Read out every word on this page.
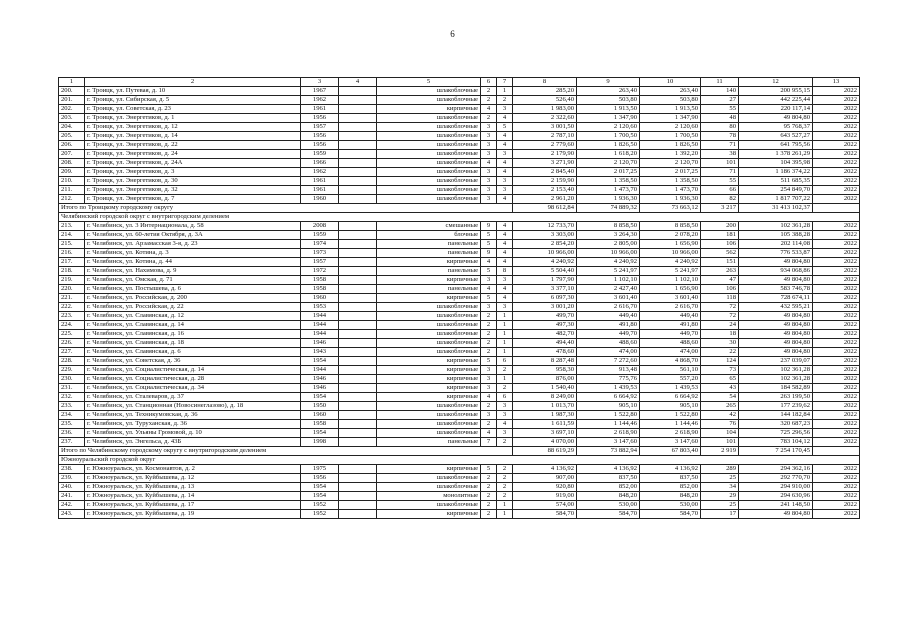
6
1	2	3	4	5	6	7	8	9	10	11	12	13
200.	г. Троицк, ул. Путевая, д. 10	1967		шлакоблочные	2	1	285,20	263,40	263,40	140	200 955,15	2022
201.	г. Троицк, ул. Сибирская, д. 5	1962		шлакоблочные	2	2	526,40	503,80	503,80	27	442 225,44	2022
202.	г. Троицк, ул. Советская, д. 23	1961		кирпичные	4	3	1 983,00	1 913,50	1 913,50	55	220 117,14	2022
203.	г. Троицк, ул. Энергетиков, д. 1	1956		шлакоблочные	2	4	2 322,60	1 347,90	1 347,90	48	49 804,80	2022
204.	г. Троицк, ул. Энергетиков, д. 12	1957		шлакоблочные	3	5	3 001,50	2 120,60	2 120,60	80	95 768,37	2022
205.	г. Троицк, ул. Энергетиков, д. 14	1956		шлакоблочные	3	4	2 787,10	1 700,50	1 700,50	78	643 527,27	2022
206.	г. Троицк, ул. Энергетиков, д. 22	1956		шлакоблочные	3	4	2 779,60	1 826,50	1 826,50	71	641 795,56	2022
207.	г. Троицк, ул. Энергетиков, д. 24	1959		шлакоблочные	3	3	2 179,90	1 618,20	1 392,20	38	1 378 261,29	2022
208.	г. Троицк, ул. Энергетиков, д. 24А	1966		шлакоблочные	4	4	3 271,90	2 120,70	2 120,70	101	104 395,98	2022
209.	г. Троицк, ул. Энергетиков, д. 3	1962		шлакоблочные	3	4	2 845,40	2 017,25	2 017,25	71	1 186 374,22	2022
210.	г. Троицк, ул. Энергетиков, д. 30	1961		шлакоблочные	3	3	2 159,90	1 358,50	1 358,50	55	511 685,35	2022
211.	г. Троицк, ул. Энергетиков, д. 32	1961		шлакоблочные	3	3	2 153,40	1 473,70	1 473,70	66	254 849,70	2022
212.	г. Троицк, ул. Энергетиков, д. 7	1960		шлакоблочные	3	4	2 961,20	1 936,30	1 936,30	82	1 817 707,22	2022
Итого по Троицкому городскому округу							98 612,84	74 889,32	73 663,12	3 217	31 413 102,37	
Челябинский городской округ с внутригородским делением												
213.	г. Челябинск, ул. 3 Интернационала, д. 58	2008		смешанные	9	4	12 733,70	8 858,50	8 858,50	200	102 361,28	2022
214.	г. Челябинск, ул. 60-летия Октября, д. 3А	1959		блочные	5	4	3 303,00	3 264,30	2 078,20	181	105 388,28	2022
215.	г. Челябинск, ул. Арзамасская 3-я, д. 23	1974		панельные	5	4	2 854,20	2 805,00	1 656,90	106	202 114,08	2022
216.	г. Челябинск, ул. Котина, д. 3	1973		панельные	9	4	10 966,00	10 966,00	10 966,00	562	776 533,87	2022
217.	г. Челябинск, ул. Котина, д. 44	1957		кирпичные	4	4	4 240,92	4 240,92	4 240,92	151	49 804,80	2022
218.	г. Челябинск, ул. Нахимова, д. 9	1972		панельные	5	8	5 504,40	5 241,97	5 241,97	263	934 068,86	2022
219.	г. Челябинск, ул. Омская, д. 71	1958		кирпичные	3	3	1 797,90	1 102,10	1 102,10	47	49 804,80	2022
220.	г. Челябинск, ул. Постышева, д. 6	1958		панельные	4	4	3 377,10	2 427,40	1 656,90	106	583 746,78	2022
221.	г. Челябинск, ул. Российская, д. 200	1960		кирпичные	5	4	6 097,30	3 601,40	3 601,40	118	728 674,11	2022
222.	г. Челябинск, ул. Российская, д. 22	1953		шлакоблочные	3	3	3 001,20	2 616,70	2 616,70	72	432 595,21	2022
223.	г. Челябинск, ул. Славянская, д. 12	1944		шлакоблочные	2	1	499,70	449,40	449,40	72	49 804,80	2022
224.	г. Челябинск, ул. Славянская, д. 14	1944		шлакоблочные	2	1	497,30	491,80	491,80	24	49 804,80	2022
225.	г. Челябинск, ул. Славянская, д. 16	1944		шлакоблочные	2	1	482,70	449,70	449,70	18	49 804,80	2022
226.	г. Челябинск, ул. Славянская, д. 18	1946		шлакоблочные	2	1	494,40	488,60	488,60	30	49 804,80	2022
227.	г. Челябинск, ул. Славянская, д. 6	1943		шлакоблочные	2	1	478,60	474,00	474,00	22	49 804,80	2022
228.	г. Челябинск, ул. Советская, д. 36	1954		кирпичные	5	6	8 287,48	7 272,60	4 868,70	124	237 039,07	2022
229.	г. Челябинск, ул. Социалистическая, д. 14	1944		кирпичные	3	2	958,30	913,48	561,10	73	102 361,28	2022
230.	г. Челябинск, ул. Социалистическая, д. 28	1946		кирпичные	3	1	876,00	775,76	557,20	65	102 361,28	2022
231.	г. Челябинск, ул. Социалистическая, д. 34	1946		кирпичные	3	2	1 540,40	1 439,53	1 439,53	43	184 582,89	2022
232.	г. Челябинск, ул. Сталеваров, д. 37	1954		кирпичные	4	6	8 249,00	6 664,92	6 664,92	54	263 199,50	2022
233.	г. Челябинск, ул. Станционная (Новосинеглазово), д. 18	1950		шлакоблочные	2	3	1 013,70	905,10	905,10	265	177 239,62	2022
234.	г. Челябинск, ул. Техникумовская, д. 36	1960		шлакоблочные	3	3	1 987,30	1 522,80	1 522,80	42	144 182,84	2022
235.	г. Челябинск, ул. Туруханская, д. 36	1958		шлакоблочные	2	4	1 611,59	1 144,46	1 144,46	76	320 687,23	2022
236.	г. Челябинск, ул. Ульяны Громовой, д. 10	1954		шлакоблочные	4	3	3 697,10	2 618,90	2 618,90	104	725 296,56	2022
237.	г. Челябинск, ул. Энгельса, д. 43Б	1998		панельные	7	2	4 070,00	3 147,60	3 147,60	101	783 104,12	2022
Итого по Челябинскому городскому округу с внутригородским делением							88 619,29	73 882,94	67 803,40	2 919	7 254 170,45	
Южноуральский городской округ												
238.	г. Южноуральск, ул. Космонавтов, д. 2	1975		кирпичные	5	2	4 136,92	4 136,92	4 136,92	289	294 362,16	2022
239.	г. Южноуральск, ул. Куйбышева, д. 12	1956		шлакоблочные	2	2	907,00	837,50	837,50	25	292 770,70	2022
240.	г. Южноуральск, ул. Куйбышева, д. 13	1954		шлакоблочные	2	2	920,80	852,00	852,00	34	294 910,00	2022
241.	г. Южноуральск, ул. Куйбышева, д. 14	1954		монолитные	2	2	919,00	848,20	848,20	29	294 630,96	2022
242.	г. Южноуральск, ул. Куйбышева, д. 17	1952		шлакоблочные	2	1	574,00	530,00	530,00	25	241 148,50	2022
243.	г. Южноуральск, ул. Куйбышева, д. 19	1952		кирпичные	2	1	584,70	584,70	584,70	17	49 804,80	2022
